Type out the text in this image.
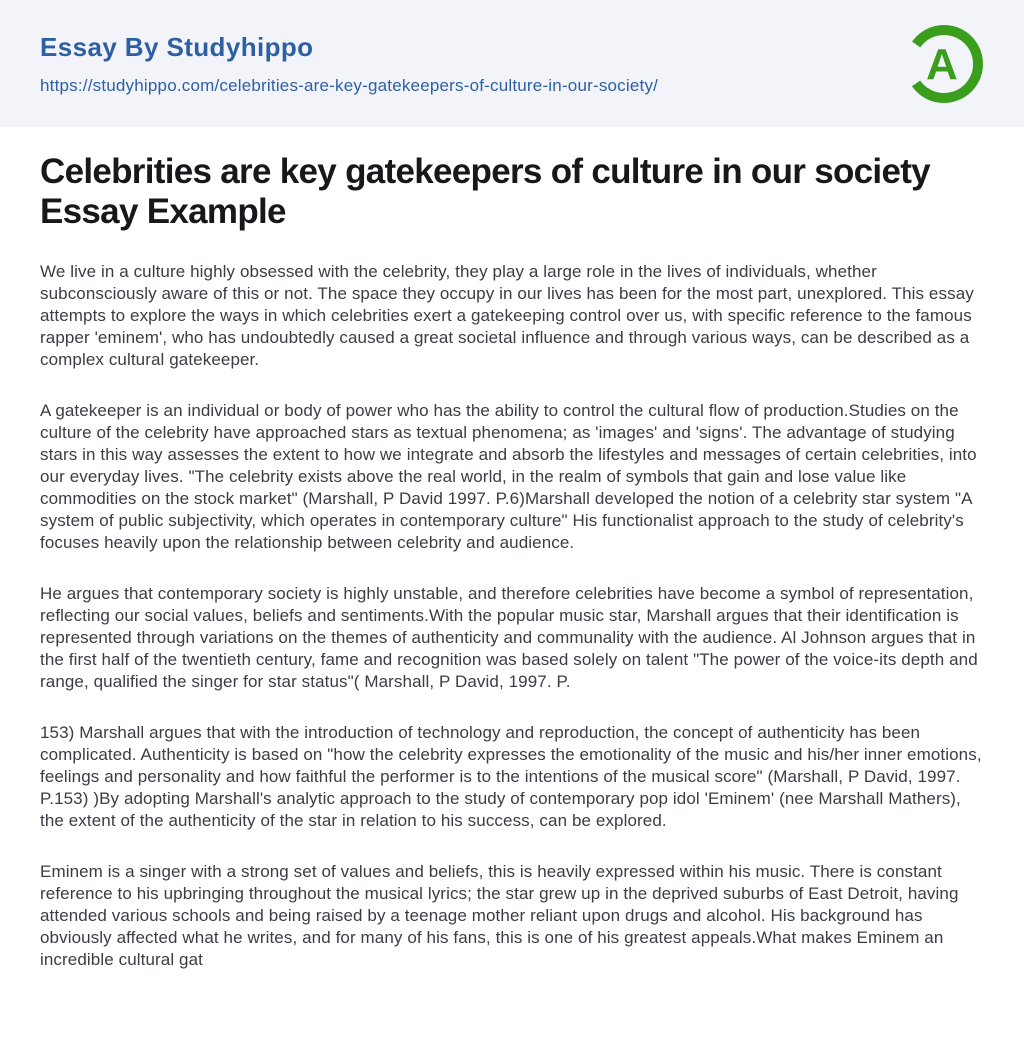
Essay By Studyhippo
https://studyhippo.com/celebrities-are-key-gatekeepers-of-culture-in-our-society/	A
Celebrities are key gatekeepers of culture in our society Essay Example

We live in a culture highly obsessed with the celebrity, they play a large role in the lives of individuals, whether subconsciously aware of this or not. The space they occupy in our lives has been for the most part, unexplored. This essay attempts to explore the ways in which celebrities exert a gatekeeping control over us, with specific reference to the famous rapper 'eminem', who has undoubtedly caused a great societal influence and through various ways, can be described as a complex cultural gatekeeper.

A gatekeeper is an individual or body of power who has the ability to control the cultural flow of production.Studies on the culture of the celebrity have approached stars as textual phenomena; as 'images' and 'signs'. The advantage of studying stars in this way assesses the extent to how we integrate and absorb the lifestyles and messages of certain celebrities, into our everyday lives. "The celebrity exists above the real world, in the realm of symbols that gain and lose value like commodities on the stock market" (Marshall, P David 1997. P.6)Marshall developed the notion of a celebrity star system "A system of public subjectivity, which operates in contemporary culture" His functionalist approach to the study of celebrity's focuses heavily upon the relationship between celebrity and audience.

He argues that contemporary society is highly unstable, and therefore celebrities have become a symbol of representation, reflecting our social values, beliefs and sentiments.With the popular music star, Marshall argues that their identification is represented through variations on the themes of authenticity and communality with the audience. Al Johnson argues that in the first half of the twentieth century, fame and recognition was based solely on talent "The power of the voice-its depth and range, qualified the singer for star status"( Marshall, P David, 1997. P.

153) Marshall argues that with the introduction of technology and reproduction, the concept of authenticity has been complicated. Authenticity is based on "how the celebrity expresses the emotionality of the music and his/her inner emotions, feelings and personality and how faithful the performer is to the intentions of the musical score" (Marshall, P David, 1997. P.153) )By adopting Marshall's analytic approach to the study of contemporary pop idol 'Eminem' (nee Marshall Mathers), the extent of the authenticity of the star in relation to his success, can be explored.

Eminem is a singer with a strong set of values and beliefs, this is heavily expressed within his music. There is constant reference to his upbringing throughout the musical lyrics; the star grew up in the deprived suburbs of East Detroit, having attended various schools and being raised by a teenage mother reliant upon drugs and alcohol. His background has obviously affected what he writes, and for many of his fans, this is one of his greatest appeals.What makes Eminem an incredible cultural gat
